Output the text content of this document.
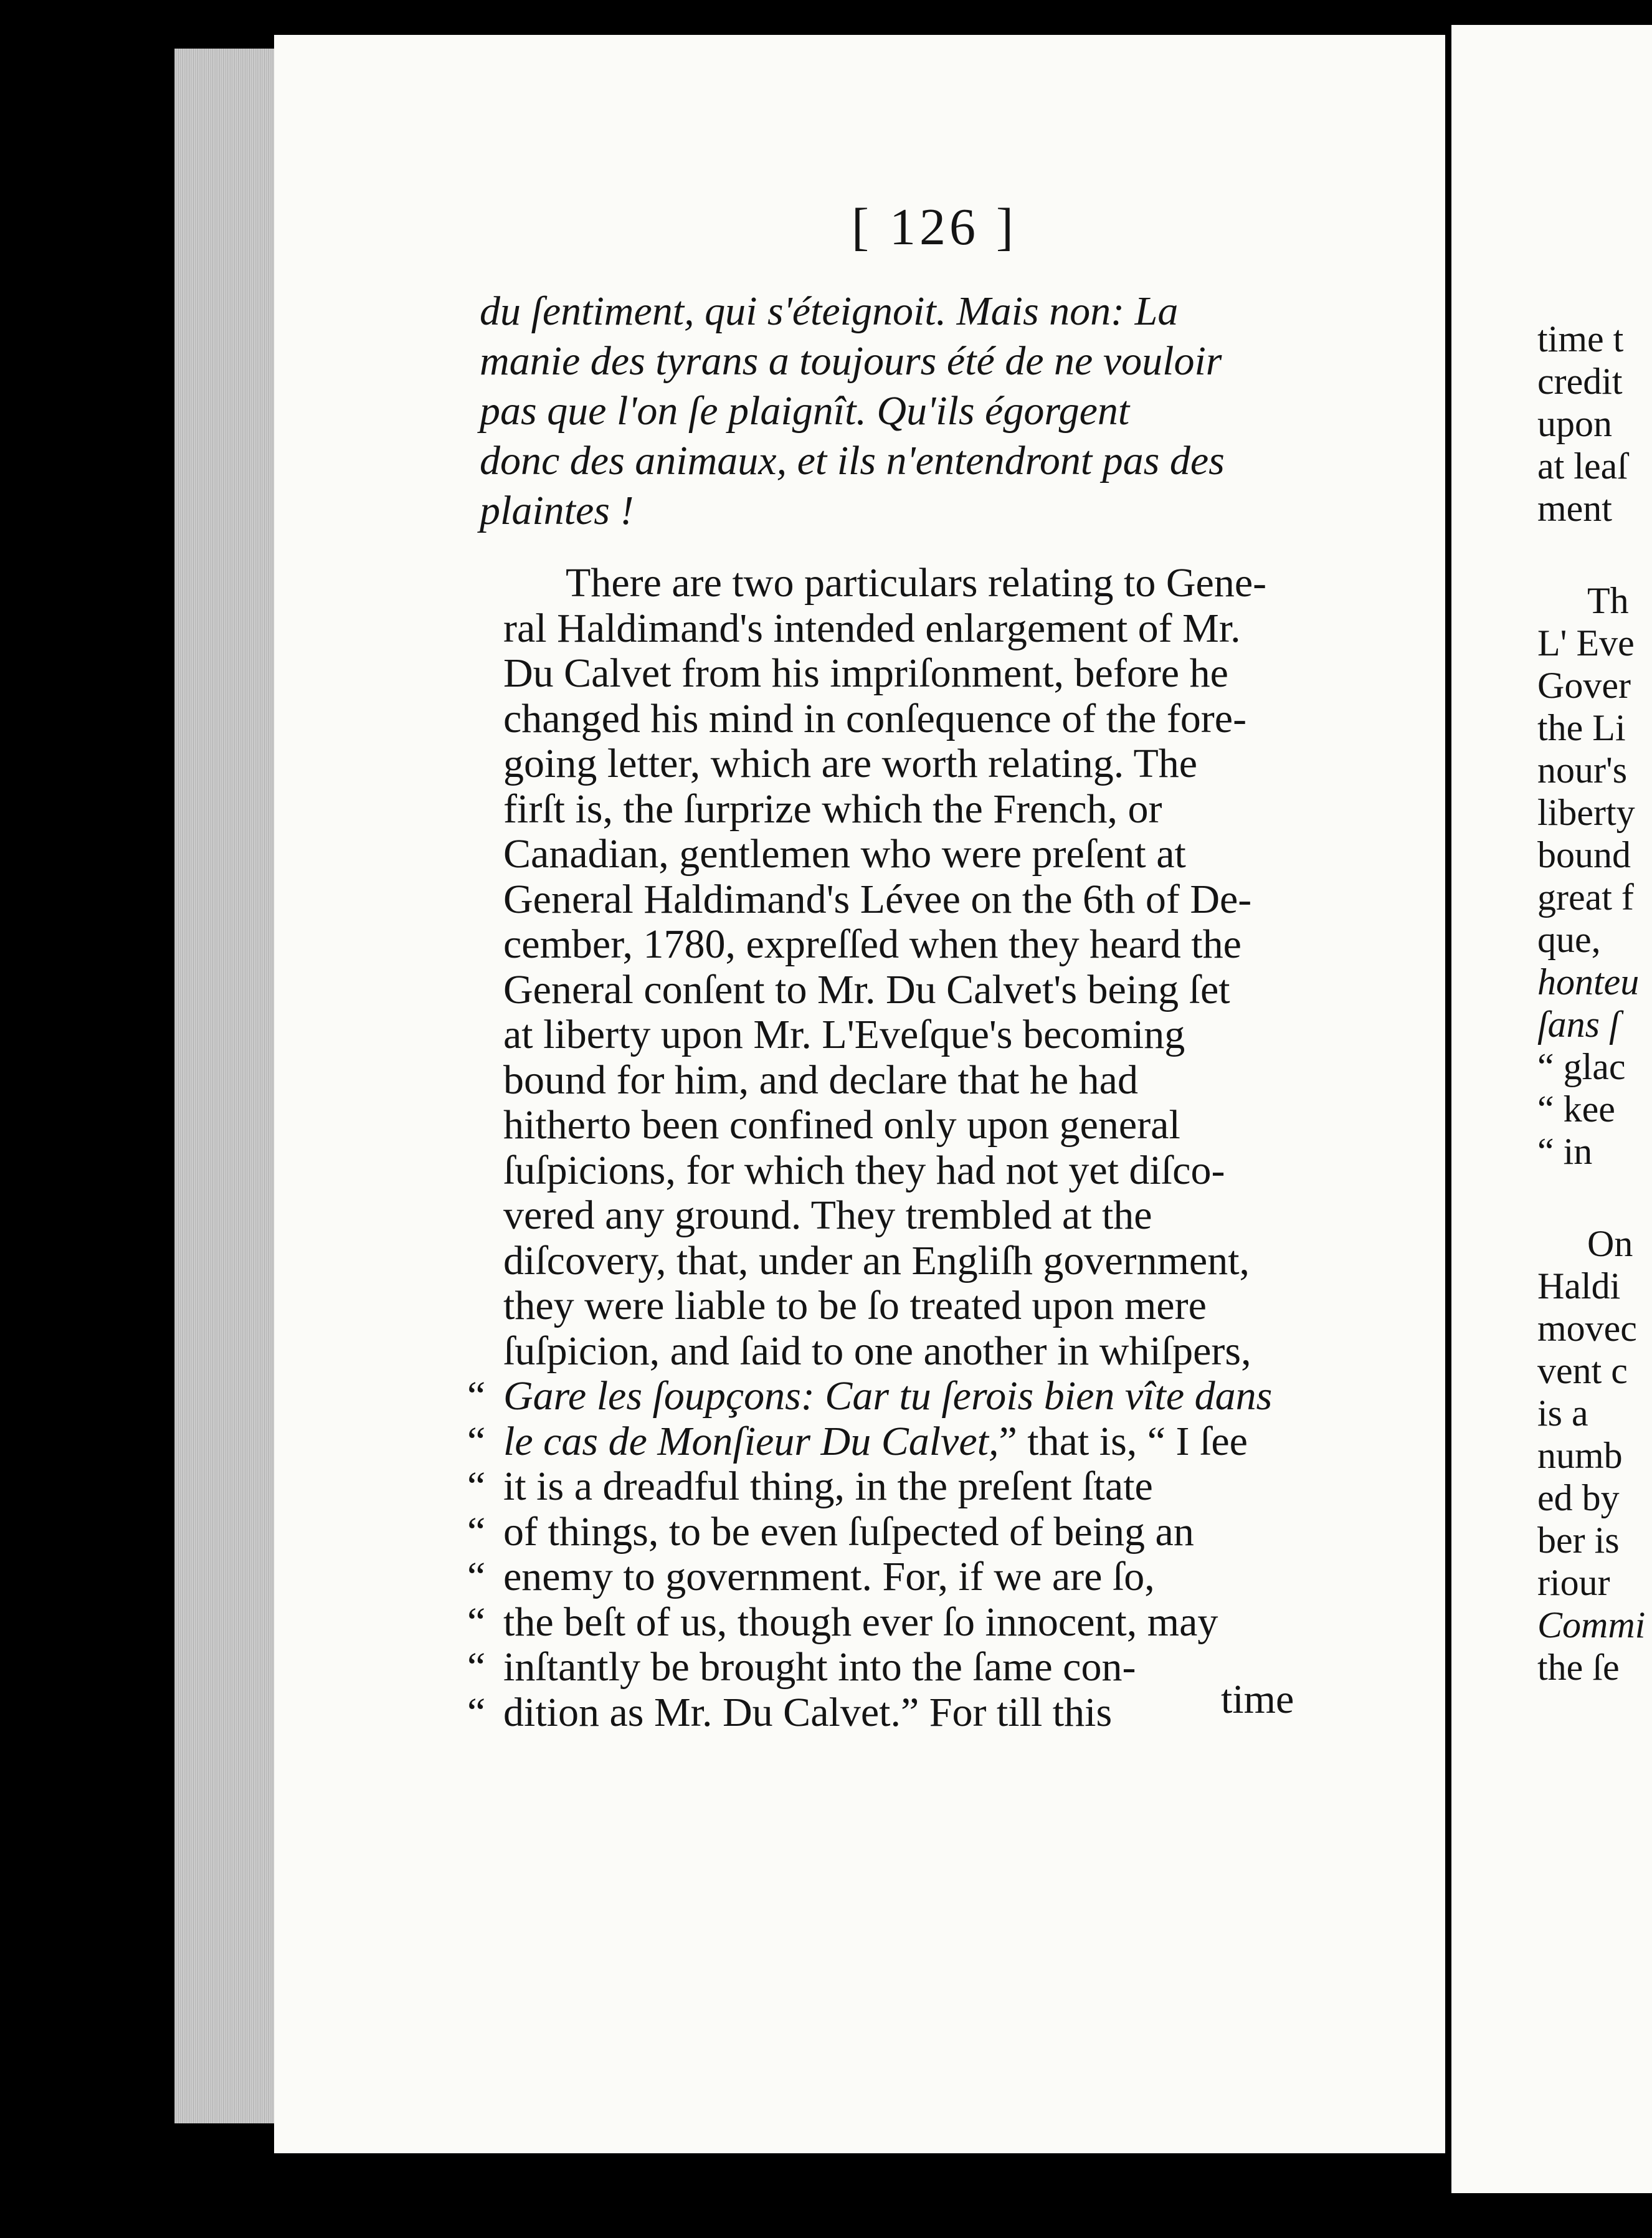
[ 126 ]

du ſentiment, qui s'éteignoit. Mais non: La
manie des tyrans a toujours été de ne vouloir
pas que l'on ſe plaignît. Qu'ils égorgent
donc des animaux, et ils n'entendront pas des
plaintes !
There are two particulars relating to Gene-
ral Haldimand's intended enlargement of Mr.
Du Calvet from his impriſonment, before he
changed his mind in conſequence of the fore-
going letter, which are worth relating. The
firſt is, the ſurprize which the French, or
Canadian, gentlemen who were preſent at
General Haldimand's Lévee on the 6th of De-
cember, 1780, expreſſed when they heard the
General conſent to Mr. Du Calvet's being ſet
at liberty upon Mr. L'Eveſque's becoming
bound for him, and declare that he had
hitherto been confined only upon general
ſuſpicions, for which they had not yet diſco-
vered any ground. They trembled at the
diſcovery, that, under an Engliſh government,
they were liable to be ſo treated upon mere
ſuſpicion, and ſaid to one another in whiſpers,
“ Gare les ſoupçons: Car tu ſerois bien vîte dans
“ le cas de Monſieur Du Calvet,” that is, “ I ſee
“ it is a dreadful thing, in the preſent ſtate
“ of things, to be even ſuſpected of being an
“ enemy to government. For, if we are ſo,
“ the beſt of us, though ever ſo innocent, may
“ inſtantly be brought into the ſame con-
“ dition as Mr. Du Calvet.” For till this	time

time t
credit
upon
at leaſ
ment
Th
L' Eve
Gover
the Li
nour's
liberty
bound
great f
que,
honteu
ſans ſ
“ glac
“ kee
“ in
On
Haldi
movec
vent c
is a
numb
ed by
ber is
riour
Commi
the ſe
